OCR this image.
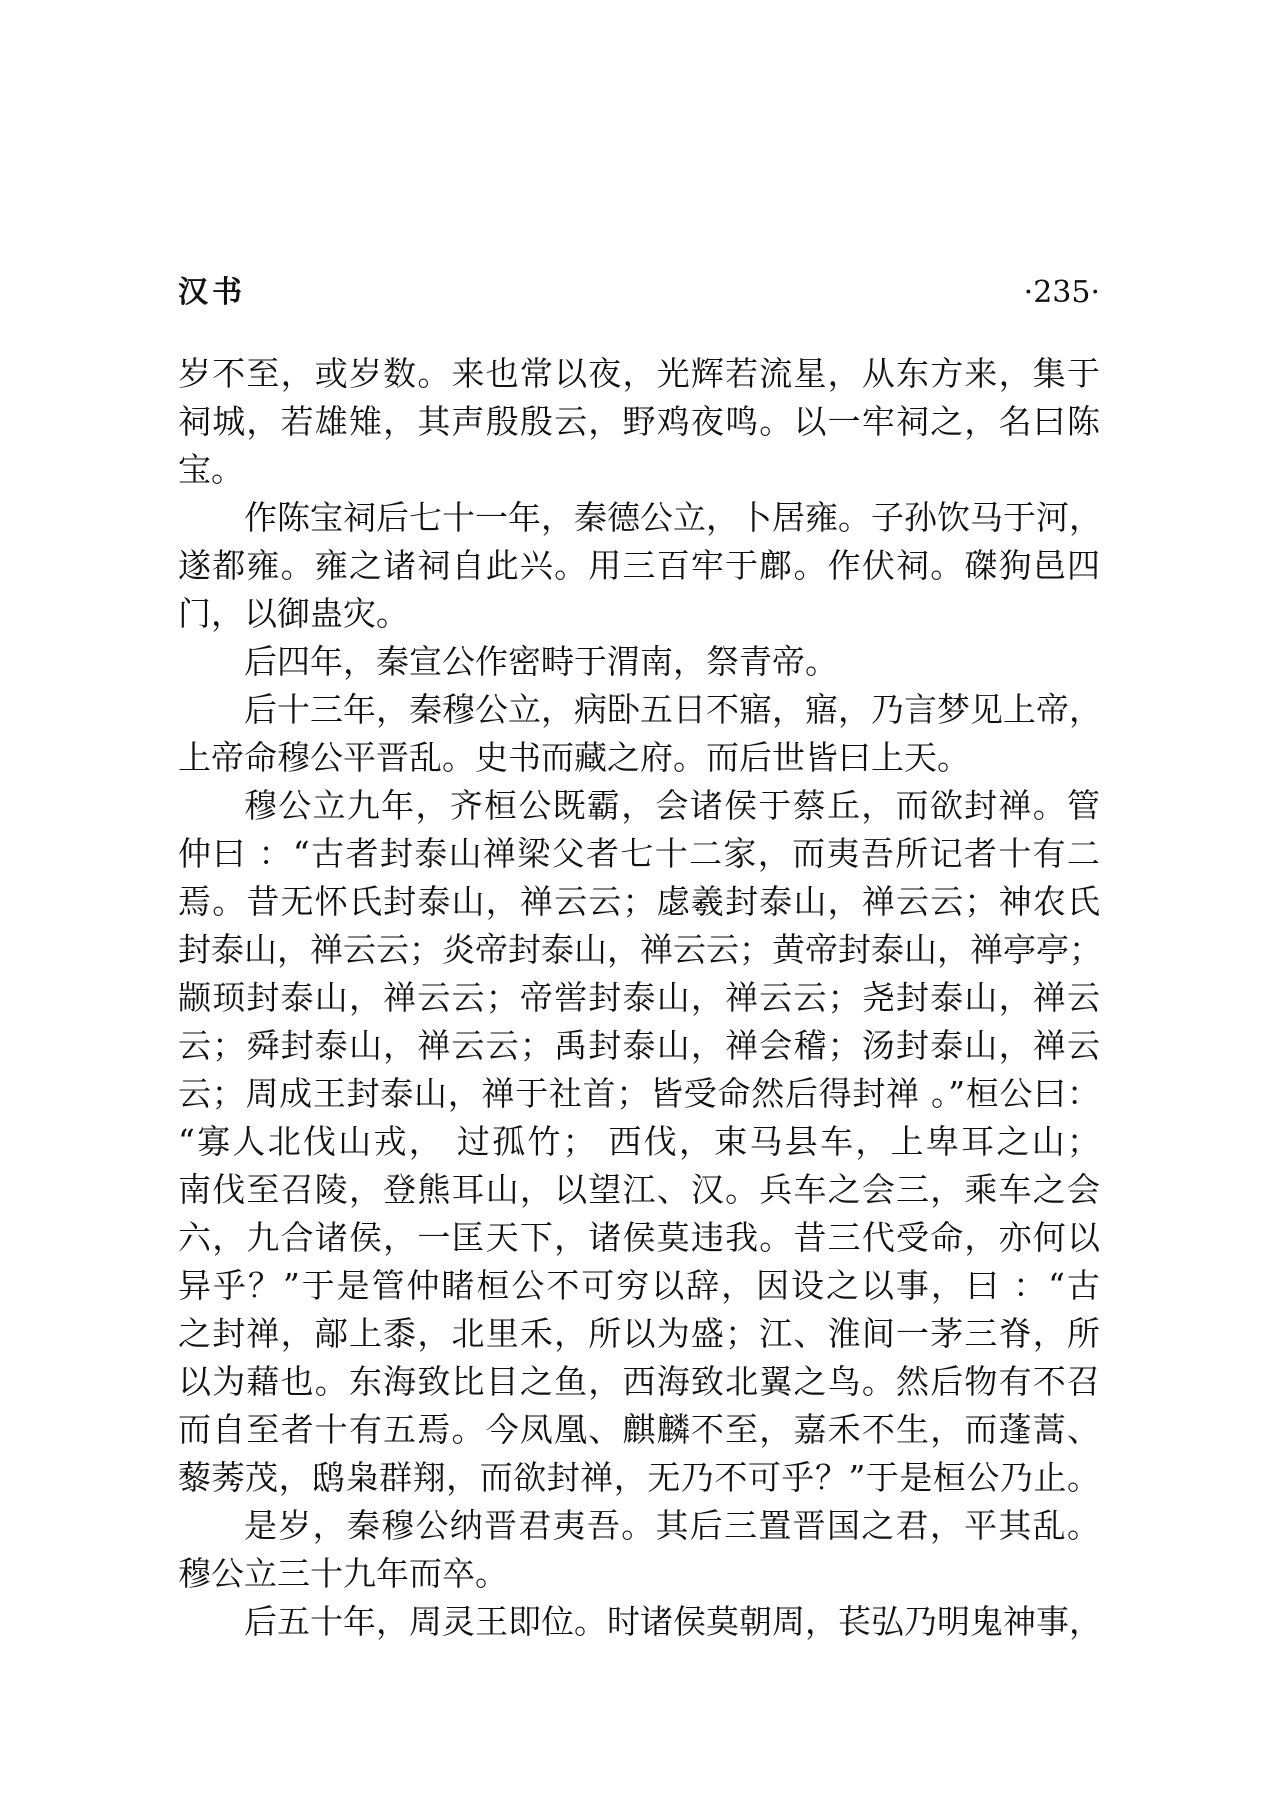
汉书	·235·
岁不至，或岁数。来也常以夜，光辉若流星，从东方来，集于
祠城，若雄雉，其声殷殷云，野鸡夜鸣。以一牢祠之，名曰陈
宝。
作陈宝祠后七十一年，秦德公立，卜居雍。子孙饮马于河，
遂都雍。雍之诸祠自此兴。用三百牢于鄜。作伏祠。磔狗邑四
门，以御蛊灾。
后四年，秦宣公作密畤于渭南，祭青帝。
后十三年，秦穆公立，病卧五日不寤，寤，乃言梦见上帝，
上帝命穆公平晋乱。史书而藏之府。而后世皆曰上天。
穆公立九年，齐桓公既霸，会诸侯于蔡丘，而欲封禅。管
仲曰 ：“古者封泰山禅梁父者七十二家，而夷吾所记者十有二
焉。昔无怀氏封泰山，禅云云；虙羲封泰山，禅云云；神农氏
封泰山，禅云云；炎帝封泰山，禅云云；黄帝封泰山，禅亭亭；
颛顼封泰山，禅云云；帝喾封泰山，禅云云；尧封泰山，禅云
云；舜封泰山，禅云云；禹封泰山，禅会稽；汤封泰山，禅云
云；周成王封泰山，禅于社首；皆受命然后得封禅 。”桓公曰：
“寡人北伐山戎， 过孤竹； 西伐，束马县车，上卑耳之山；
南伐至召陵，登熊耳山，以望江、汉。兵车之会三，乘车之会
六，九合诸侯，一匡天下，诸侯莫违我。昔三代受命，亦何以
异乎？”于是管仲睹桓公不可穷以辞，因设之以事，曰 ：“古
之封禅，鄗上黍，北里禾，所以为盛；江、淮间一茅三脊，所
以为藉也。东海致比目之鱼，西海致北翼之鸟。然后物有不召
而自至者十有五焉。今凤凰、麒麟不至，嘉禾不生，而蓬蒿、
藜莠茂，鸱枭群翔，而欲封禅，无乃不可乎？”于是桓公乃止。
是岁，秦穆公纳晋君夷吾。其后三置晋国之君，平其乱。
穆公立三十九年而卒。
后五十年，周灵王即位。时诸侯莫朝周，苌弘乃明鬼神事，
